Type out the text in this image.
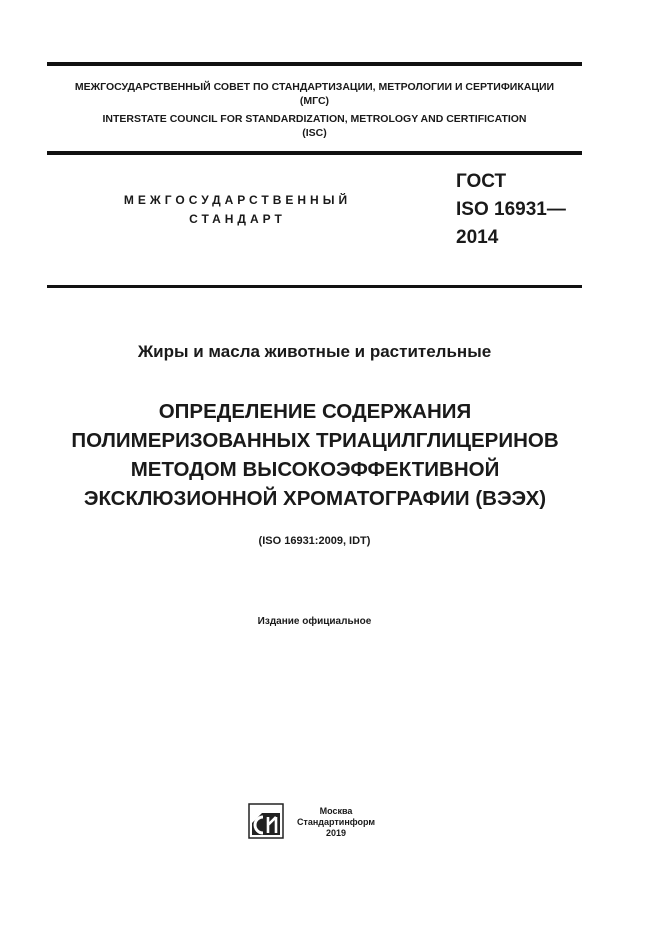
МЕЖГОСУДАРСТВЕННЫЙ СОВЕТ ПО СТАНДАРТИЗАЦИИ, МЕТРОЛОГИИ И СЕРТИФИКАЦИИ
(МГС)
INTERSTATE COUNCIL FOR STANDARDIZATION, METROLOGY AND CERTIFICATION
(ISC)
МЕЖГОСУДАРСТВЕННЫЙ
СТАНДАРТ
ГОСТ
ISO 16931—
2014
Жиры и масла животные и растительные
ОПРЕДЕЛЕНИЕ СОДЕРЖАНИЯ
ПОЛИМЕРИЗОВАННЫХ ТРИАЦИЛГЛИЦЕРИНОВ
МЕТОДОМ ВЫСОКОЭФФЕКТИВНОЙ
ЭКСКЛЮЗИОННОЙ ХРОМАТОГРАФИИ (ВЭЭХ)
(ISO 16931:2009, IDT)
Издание официальное
Москва
Стандартинформ
2019
